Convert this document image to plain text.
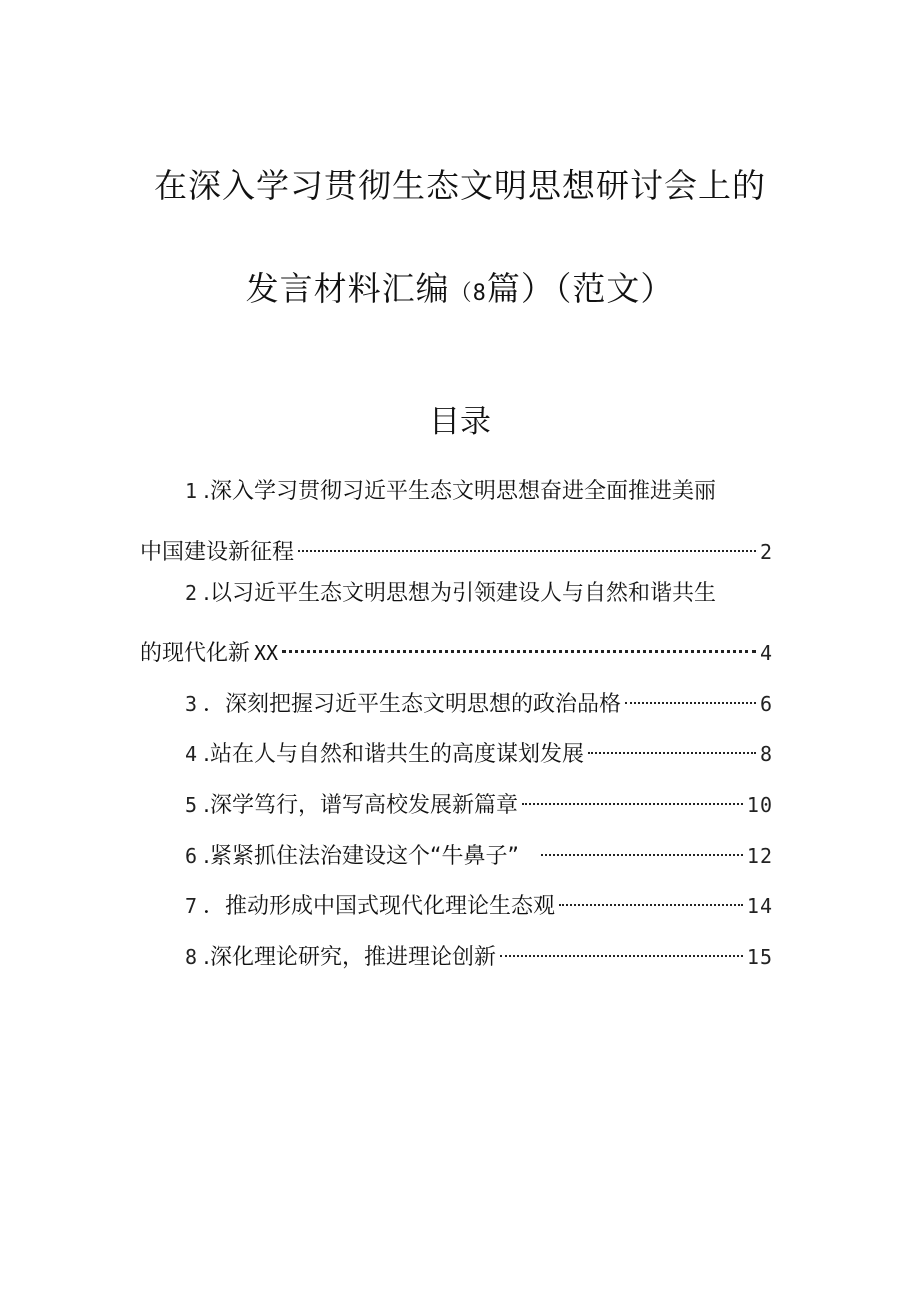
在深入学习贯彻生态文明思想研讨会上的
发言材料汇编（8篇）（范文）
目录
1 .深入学习贯彻习近平生态文明思想奋进全面推进美丽
中国建设新征程	2
2 .以习近平生态文明思想为引领建设人与自然和谐共生
的现代化新 XX	4
3 ．深刻把握习近平生态文明思想的政治品格	6
4 .站在人与自然和谐共生的高度谋划发展	8
5 .深学笃行，谱写高校发展新篇章	10
6 .紧紧抓住法治建设这个“牛鼻子”	12
7 ．推动形成中国式现代化理论生态观	14
8 .深化理论研究，推进理论创新	15
